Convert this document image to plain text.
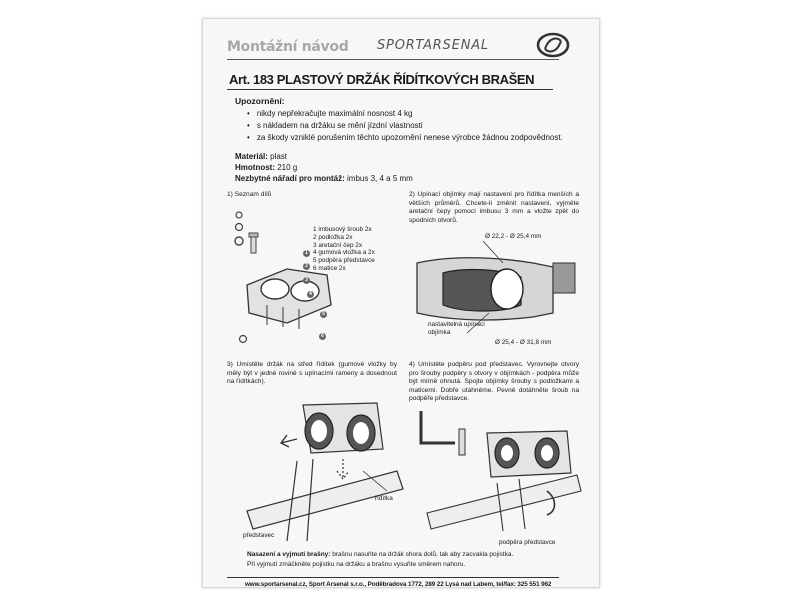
Montážní návod SPORTARSENAL
Art. 183 PLASTOVÝ DRŽÁK ŘÍDÍTKOVÝCH BRAŠEN
Upozornění:
• nikdy nepřekračujte maximální nosnost 4 kg
• s nákladem na držáku se mění jízdní vlastnosti
• za škody vzniklé porušením těchto upozornění nenese výrobce žádnou zodpovědnost.
Materiál: plast
Hmotnost: 210 g
Nezbytné nářadí pro montáž: imbus 3, 4 a 5 mm
1) Seznam dílů
1 imbusový šroub 2x
2 podložka 2x
3 aretační čep 2x
4 gumová vložka a 2x
5 podpěra představce
6 matice 2x
1
2
3
4
5
6
2) Upínací objímky mají nastavení pro řídítka menších a větších průměrů. Chcete-li změnit nastavení, vyjměte aretační čepy pomocí imbusu 3 mm a vložte zpět do spodních otvorů.
Ø 22,2 - Ø 25,4 mm
nastavitelná upínací objímka
Ø 25,4 - Ø 31,8 mm
3) Umístěte držák na střed řídítek (gumové vložky by měly být v jedné rovině s upínacími rameny a dosednout na řídítkách).
řídítka
představec
4) Umístěte podpěru pod představec. Vyrovnejte otvory pro šrouby podpěry s otvory v objímkách - podpěra může být mírně ohnutá. Spojte objímky šrouby s podložkami a maticemi. Dobře utáhněme. Pevně dotáhněte šroub na podpěře představce.
podpěra představce
Nasazení a vyjmutí brašny: brašnu nasuňte na držák shora dolů, tak aby zacvakla pojistka.
Při vyjmutí zmáčkněte pojistku na držáku a brašnu vysuňte směrem nahoru.
www.sportarsenal.cz, Sport Arsenal s.r.o., Poděbradova 1772, 289 22 Lysá nad Labem, tel/fax: 325 551 962
